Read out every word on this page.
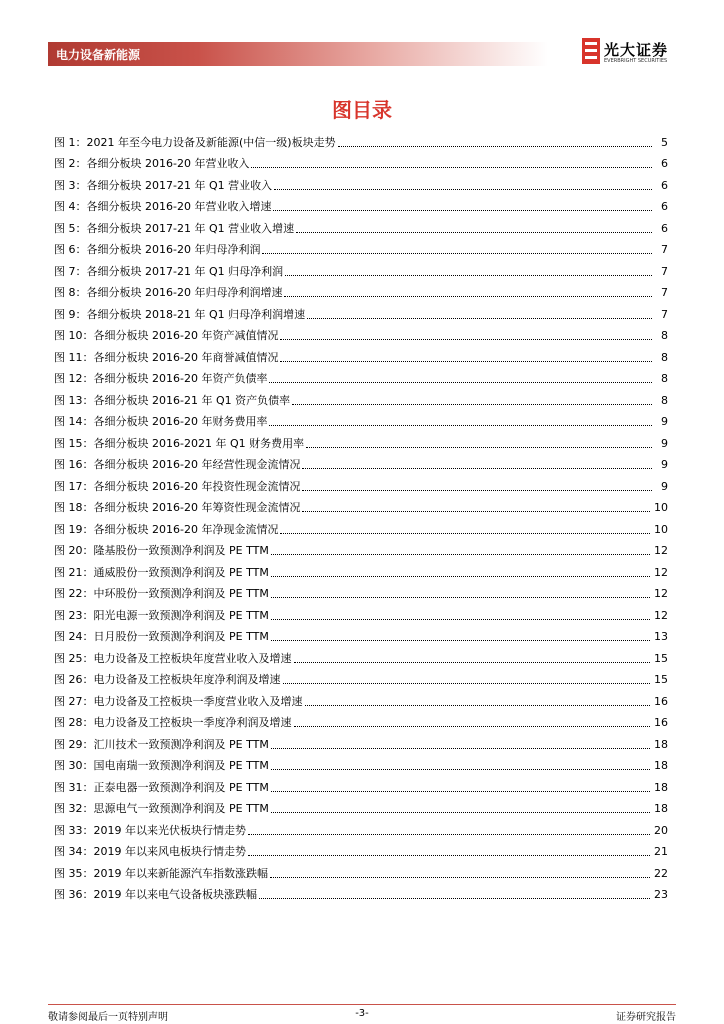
电力设备新能源	光大证券
EVERBRIGHT SECURITIES
图目录
图 1：2021 年至今电力设备及新能源(中信一级)板块走势	5
图 2：各细分板块 2016-20 年营业收入	6
图 3：各细分板块 2017-21 年 Q1 营业收入	6
图 4：各细分板块 2016-20 年营业收入增速	6
图 5：各细分板块 2017-21 年 Q1 营业收入增速	6
图 6：各细分板块 2016-20 年归母净利润	7
图 7：各细分板块 2017-21 年 Q1 归母净利润	7
图 8：各细分板块 2016-20 年归母净利润增速	7
图 9：各细分板块 2018-21 年 Q1 归母净利润增速	7
图 10：各细分板块 2016-20 年资产减值情况	8
图 11：各细分板块 2016-20 年商誉减值情况	8
图 12：各细分板块 2016-20 年资产负债率	8
图 13：各细分板块 2016-21 年 Q1 资产负债率	8
图 14：各细分板块 2016-20 年财务费用率	9
图 15：各细分板块 2016-2021 年 Q1 财务费用率	9
图 16：各细分板块 2016-20 年经营性现金流情况	9
图 17：各细分板块 2016-20 年投资性现金流情况	9
图 18：各细分板块 2016-20 年筹资性现金流情况	10
图 19：各细分板块 2016-20 年净现金流情况	10
图 20：隆基股份一致预测净利润及 PE TTM	12
图 21：通威股份一致预测净利润及 PE TTM	12
图 22：中环股份一致预测净利润及 PE TTM	12
图 23：阳光电源一致预测净利润及 PE TTM	12
图 24：日月股份一致预测净利润及 PE TTM	13
图 25：电力设备及工控板块年度营业收入及增速	15
图 26：电力设备及工控板块年度净利润及增速	15
图 27：电力设备及工控板块一季度营业收入及增速	16
图 28：电力设备及工控板块一季度净利润及增速	16
图 29：汇川技术一致预测净利润及 PE TTM	18
图 30：国电南瑞一致预测净利润及 PE TTM	18
图 31：正泰电器一致预测净利润及 PE TTM	18
图 32：思源电气一致预测净利润及 PE TTM	18
图 33：2019 年以来光伏板块行情走势	20
图 34：2019 年以来风电板块行情走势	21
图 35：2019 年以来新能源汽车指数涨跌幅	22
图 36：2019 年以来电气设备板块涨跌幅	23
敬请参阅最后一页特别声明	-3-	证券研究报告
